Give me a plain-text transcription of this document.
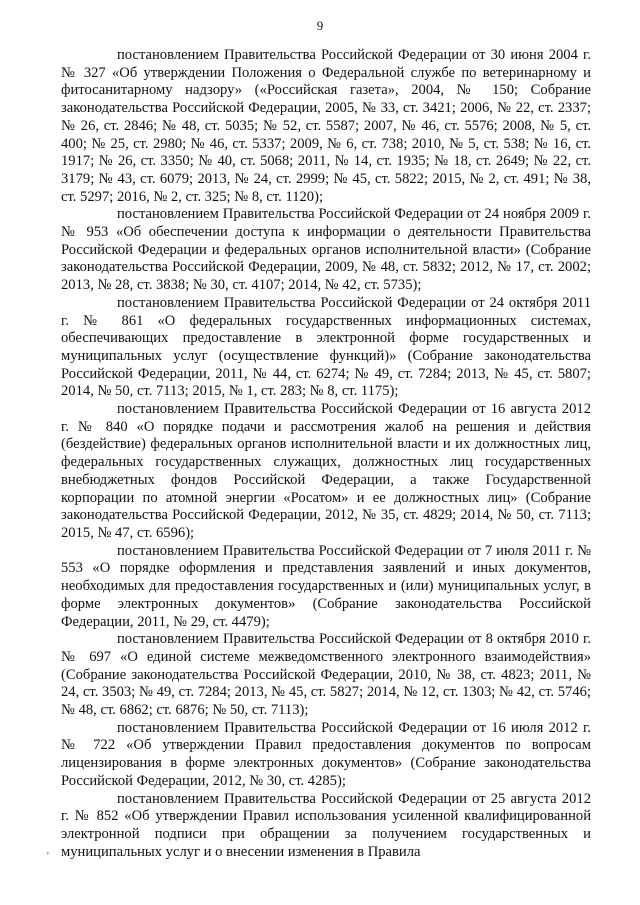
9

постановлением Правительства Российской Федерации от 30 июня 2004 г. № 327 «Об утверждении Положения о Федеральной службе по ветеринарному и фитосанитарному надзору» («Российская газета», 2004, № 150; Собрание законодательства Российской Федерации, 2005, № 33, ст. 3421; 2006, № 22, ст. 2337; № 26, ст. 2846; № 48, ст. 5035; № 52, ст. 5587; 2007, № 46, ст. 5576; 2008, № 5, ст. 400; № 25, ст. 2980; № 46, ст. 5337; 2009, № 6, ст. 738; 2010, № 5, ст. 538; № 16, ст. 1917; № 26, ст. 3350; № 40, ст. 5068; 2011, № 14, ст. 1935; № 18, ст. 2649; № 22, ст. 3179; № 43, ст. 6079; 2013, № 24, ст. 2999; № 45, ст. 5822; 2015, № 2, ст. 491; № 38, ст. 5297; 2016, № 2, ст. 325; № 8, ст. 1120);

постановлением Правительства Российской Федерации от 24 ноября 2009 г. № 953 «Об обеспечении доступа к информации о деятельности Правительства Российской Федерации и федеральных органов исполнительной власти» (Собрание законодательства Российской Федерации, 2009, № 48, ст. 5832; 2012, № 17, ст. 2002; 2013, № 28, ст. 3838; № 30, ст. 4107; 2014, № 42, ст. 5735);

постановлением Правительства Российской Федерации от 24 октября 2011 г. № 861 «О федеральных государственных информационных системах, обеспечивающих предоставление в электронной форме государственных и муниципальных услуг (осуществление функций)» (Собрание законодательства Российской Федерации, 2011, № 44, ст. 6274; № 49, ст. 7284; 2013, № 45, ст. 5807; 2014, № 50, ст. 7113; 2015, № 1, ст. 283; № 8, ст. 1175);

постановлением Правительства Российской Федерации от 16 августа 2012 г. № 840 «О порядке подачи и рассмотрения жалоб на решения и действия (бездействие) федеральных органов исполнительной власти и их должностных лиц, федеральных государственных служащих, должностных лиц государственных внебюджетных фондов Российской Федерации, а также Государственной корпорации по атомной энергии «Росатом» и ее должностных лиц» (Собрание законодательства Российской Федерации, 2012, № 35, ст. 4829; 2014, № 50, ст. 7113; 2015, № 47, ст. 6596);

постановлением Правительства Российской Федерации от 7 июля 2011 г. № 553 «О порядке оформления и представления заявлений и иных документов, необходимых для предоставления государственных и (или) муниципальных услуг, в форме электронных документов» (Собрание законодательства Российской Федерации, 2011, № 29, ст. 4479);

постановлением Правительства Российской Федерации от 8 октября 2010 г. № 697 «О единой системе межведомственного электронного взаимодействия» (Собрание законодательства Российской Федерации, 2010, № 38, ст. 4823; 2011, № 24, ст. 3503; № 49, ст. 7284; 2013, № 45, ст. 5827; 2014, № 12, ст. 1303; № 42, ст. 5746; № 48, ст. 6862; ст. 6876; № 50, ст. 7113);

постановлением Правительства Российской Федерации от 16 июля 2012 г. № 722 «Об утверждении Правил предоставления документов по вопросам лицензирования в форме электронных документов» (Собрание законодательства Российской Федерации, 2012, № 30, ст. 4285);

постановлением Правительства Российской Федерации от 25 августа 2012 г. № 852 «Об утверждении Правил использования усиленной квалифицированной электронной подписи при обращении за получением государственных и муниципальных услуг и о внесении изменения в Правила

'
